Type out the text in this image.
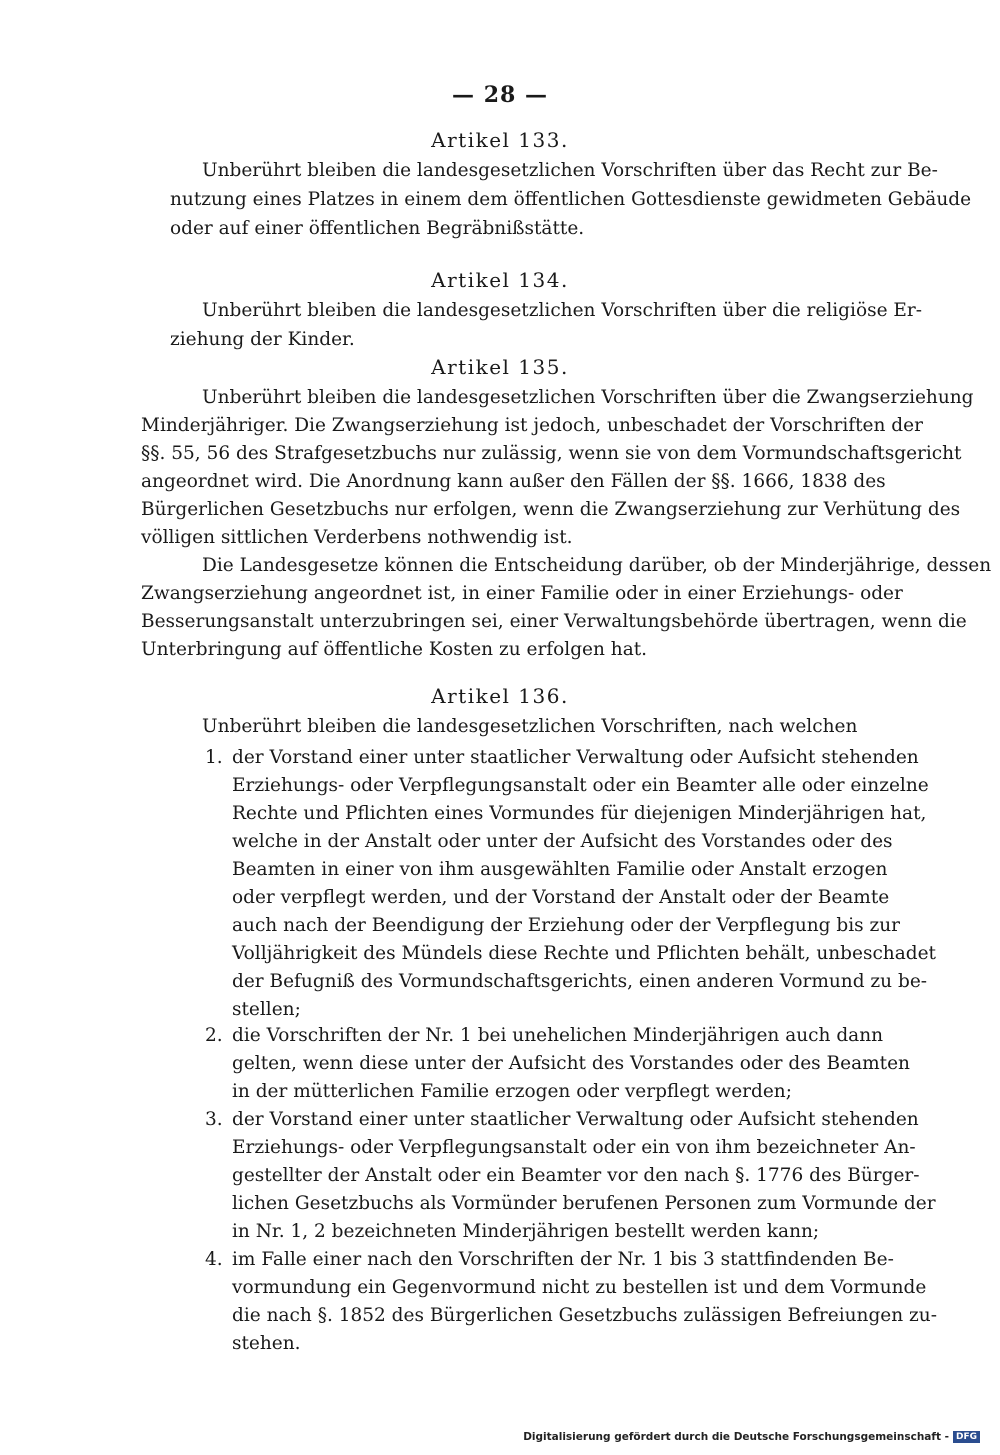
— 28 —
Artikel 133.
Unberührt bleiben die landesgesetzlichen Vorschriften über das Recht zur Be-
nutzung eines Platzes in einem dem öffentlichen Gottesdienste gewidmeten Gebäude
oder auf einer öffentlichen Begräbnißstätte.
Artikel 134.
Unberührt bleiben die landesgesetzlichen Vorschriften über die religiöse Er-
ziehung der Kinder.
Artikel 135.
Unberührt bleiben die landesgesetzlichen Vorschriften über die Zwangserziehung
Minderjähriger. Die Zwangserziehung ist jedoch, unbeschadet der Vorschriften der
§§. 55, 56 des Strafgesetzbuchs nur zulässig, wenn sie von dem Vormundschaftsgericht
angeordnet wird. Die Anordnung kann außer den Fällen der §§. 1666, 1838 des
Bürgerlichen Gesetzbuchs nur erfolgen, wenn die Zwangserziehung zur Verhütung des
völligen sittlichen Verderbens nothwendig ist.
Die Landesgesetze können die Entscheidung darüber, ob der Minderjährige, dessen
Zwangserziehung angeordnet ist, in einer Familie oder in einer Erziehungs- oder
Besserungsanstalt unterzubringen sei, einer Verwaltungsbehörde übertragen, wenn die
Unterbringung auf öffentliche Kosten zu erfolgen hat.
Artikel 136.
Unberührt bleiben die landesgesetzlichen Vorschriften, nach welchen
1. der Vorstand einer unter staatlicher Verwaltung oder Aufsicht stehenden
Erziehungs- oder Verpflegungsanstalt oder ein Beamter alle oder einzelne
Rechte und Pflichten eines Vormundes für diejenigen Minderjährigen hat,
welche in der Anstalt oder unter der Aufsicht des Vorstandes oder des
Beamten in einer von ihm ausgewählten Familie oder Anstalt erzogen
oder verpflegt werden, und der Vorstand der Anstalt oder der Beamte
auch nach der Beendigung der Erziehung oder der Verpflegung bis zur
Volljährigkeit des Mündels diese Rechte und Pflichten behält, unbeschadet
der Befugniß des Vormundschaftsgerichts, einen anderen Vormund zu be-
stellen;
2. die Vorschriften der Nr. 1 bei unehelichen Minderjährigen auch dann
gelten, wenn diese unter der Aufsicht des Vorstandes oder des Beamten
in der mütterlichen Familie erzogen oder verpflegt werden;
3. der Vorstand einer unter staatlicher Verwaltung oder Aufsicht stehenden
Erziehungs- oder Verpflegungsanstalt oder ein von ihm bezeichneter An-
gestellter der Anstalt oder ein Beamter vor den nach §. 1776 des Bürger-
lichen Gesetzbuchs als Vormünder berufenen Personen zum Vormunde der
in Nr. 1, 2 bezeichneten Minderjährigen bestellt werden kann;
4. im Falle einer nach den Vorschriften der Nr. 1 bis 3 stattfindenden Be-
vormundung ein Gegenvormund nicht zu bestellen ist und dem Vormunde
die nach §. 1852 des Bürgerlichen Gesetzbuchs zulässigen Befreiungen zu-
stehen.
Digitalisierung gefördert durch die Deutsche Forschungsgemeinschaft - DFG
